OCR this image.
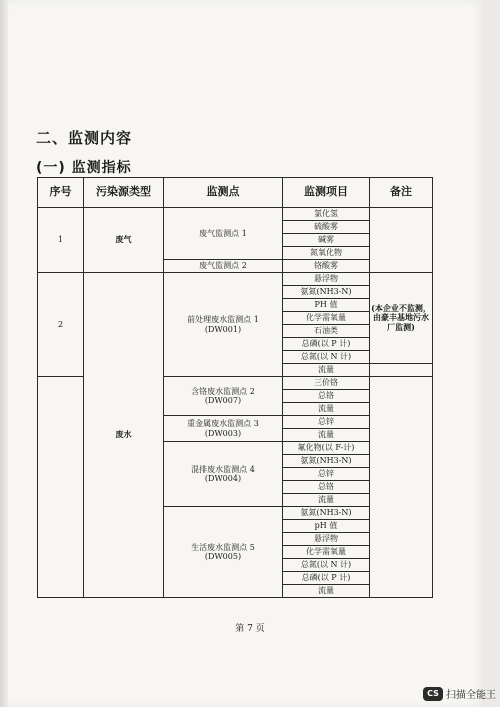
二、监测内容
(一) 监测指标
序号	污染源类型	监测点	监测项目	备注
1	废气	废气监测点 1	氯化氢	
			硫酸雾	
			碱雾	
			氮氧化物	
		废气监测点 2	铬酸雾	
2	废水	前处理废水监测点 1
(DW001)	悬浮物	(本企业不监测，由豪丰基地污水厂监测)
			氨氮(NH3-N)	
			PH 值	
			化学需氧量	
			石油类	
			总磷(以 P 计)	
			总氮(以 N 计)	
			流量	
		含铬废水监测点 2
(DW007)	三价铬	
			总铬	
			流量	
		重金属废水监测点 3
(DW003)	总锌	
			流量	
		混排废水监测点 4
(DW004)	氟化物(以 F-计)	
			氨氮(NH3-N)	
			总锌	
			总铬	
			流量	
		生活废水监测点 5
(DW005)	氨氮(NH3-N)	
			pH 值	
			悬浮物	
			化学需氧量	
			总氮(以 N 计)	
			总磷(以 P 计)	
			流量	
第 7 页
CS 扫描全能王
